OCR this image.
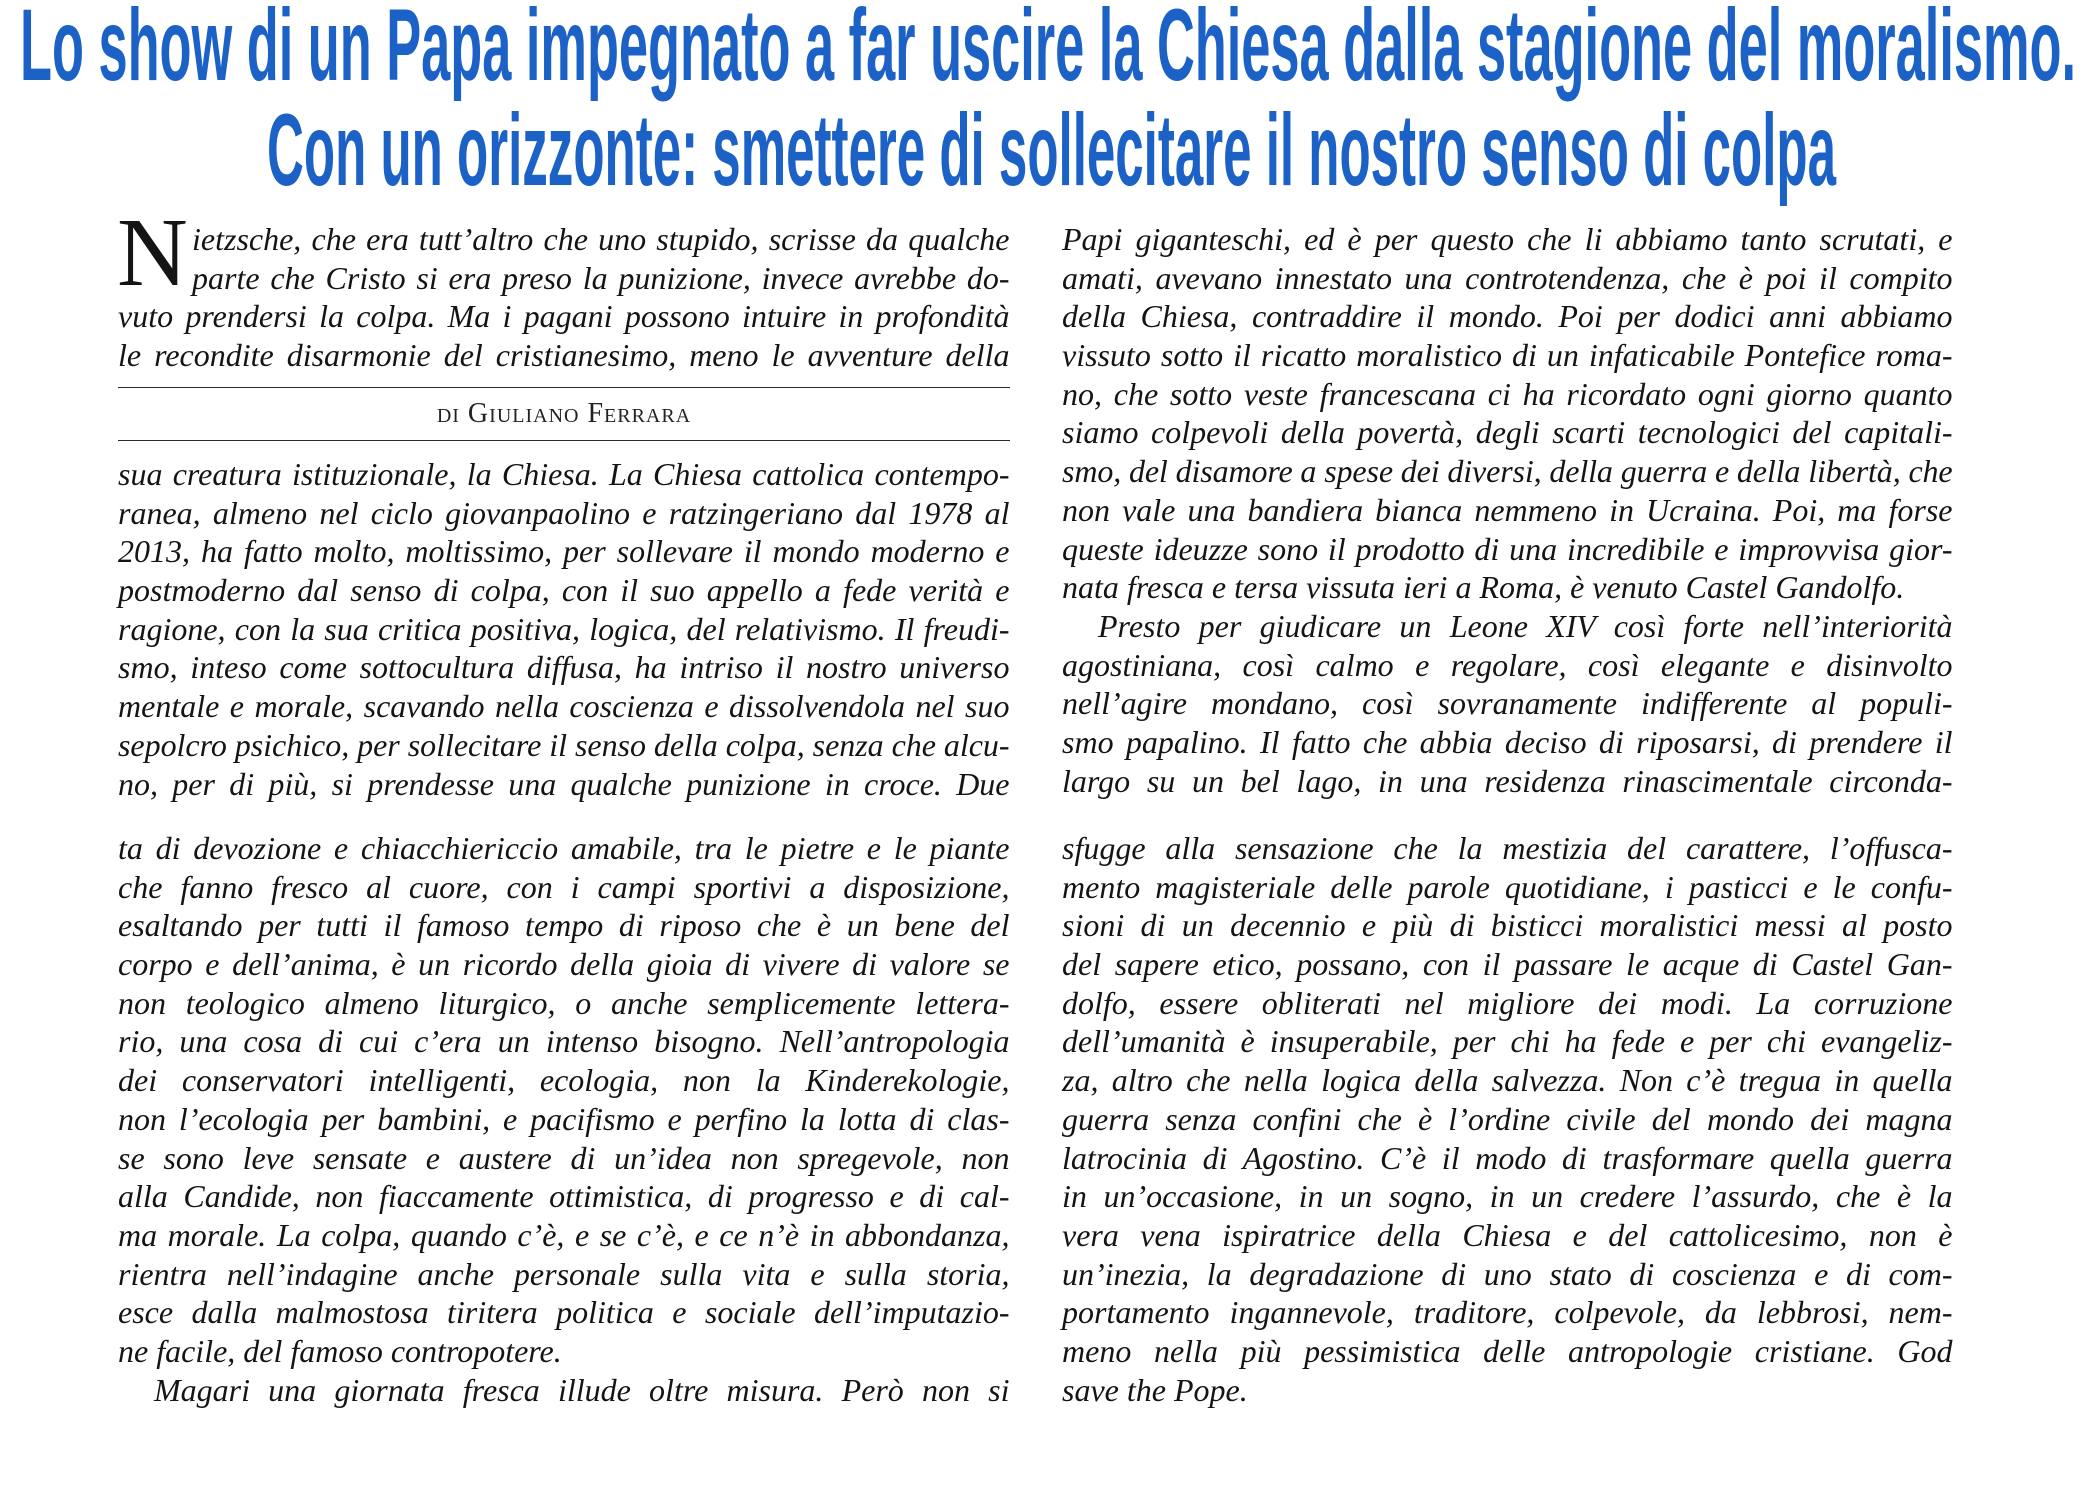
Lo show di un Papa impegnato a far uscire la Chiesa dalla stagione del moralismo.
Con un orizzonte: smettere di sollecitare il nostro senso di colpa
N ietzsche, che era tutt’altro che uno stupido, scrisse da qualche
parte che Cristo si era preso la punizione, invece avrebbe do-
vuto prendersi la colpa. Ma i pagani possono intuire in profondità
le recondite disarmonie del cristianesimo, meno le avventure della
di Giuliano Ferrara
sua creatura istituzionale, la Chiesa. La Chiesa cattolica contempo-
ranea, almeno nel ciclo giovanpaolino e ratzingeriano dal 1978 al
2013, ha fatto molto, moltissimo, per sollevare il mondo moderno e
postmoderno dal senso di colpa, con il suo appello a fede verità e
ragione, con la sua critica positiva, logica, del relativismo. Il freudi-
smo, inteso come sottocultura diffusa, ha intriso il nostro universo
mentale e morale, scavando nella coscienza e dissolvendola nel suo
sepolcro psichico, per sollecitare il senso della colpa, senza che alcu-
no, per di più, si prendesse una qualche punizione in croce. Due
Papi giganteschi, ed è per questo che li abbiamo tanto scrutati, e
amati, avevano innestato una controtendenza, che è poi il compito
della Chiesa, contraddire il mondo. Poi per dodici anni abbiamo
vissuto sotto il ricatto moralistico di un infaticabile Pontefice roma-
no, che sotto veste francescana ci ha ricordato ogni giorno quanto
siamo colpevoli della povertà, degli scarti tecnologici del capitali-
smo, del disamore a spese dei diversi, della guerra e della libertà, che
non vale una bandiera bianca nemmeno in Ucraina. Poi, ma forse
queste ideuzze sono il prodotto di una incredibile e improvvisa gior-
nata fresca e tersa vissuta ieri a Roma, è venuto Castel Gandolfo.
Presto per giudicare un Leone XIV così forte nell’interiorità
agostiniana, così calmo e regolare, così elegante e disinvolto
nell’agire mondano, così sovranamente indifferente al populi-
smo papalino. Il fatto che abbia deciso di riposarsi, di prendere il
largo su un bel lago, in una residenza rinascimentale circonda-
ta di devozione e chiacchiericcio amabile, tra le pietre e le piante
che fanno fresco al cuore, con i campi sportivi a disposizione,
esaltando per tutti il famoso tempo di riposo che è un bene del
corpo e dell’anima, è un ricordo della gioia di vivere di valore se
non teologico almeno liturgico, o anche semplicemente lettera-
rio, una cosa di cui c’era un intenso bisogno. Nell’antropologia
dei conservatori intelligenti, ecologia, non la Kinderekologie,
non l’ecologia per bambini, e pacifismo e perfino la lotta di clas-
se sono leve sensate e austere di un’idea non spregevole, non
alla Candide, non fiaccamente ottimistica, di progresso e di cal-
ma morale. La colpa, quando c’è, e se c’è, e ce n’è in abbondanza,
rientra nell’indagine anche personale sulla vita e sulla storia,
esce dalla malmostosa tiritera politica e sociale dell’imputazio-
ne facile, del famoso contropotere.
Magari una giornata fresca illude oltre misura. Però non si
sfugge alla sensazione che la mestizia del carattere, l’offusca-
mento magisteriale delle parole quotidiane, i pasticci e le confu-
sioni di un decennio e più di bisticci moralistici messi al posto
del sapere etico, possano, con il passare le acque di Castel Gan-
dolfo, essere obliterati nel migliore dei modi. La corruzione
dell’umanità è insuperabile, per chi ha fede e per chi evangeliz-
za, altro che nella logica della salvezza. Non c’è tregua in quella
guerra senza confini che è l’ordine civile del mondo dei magna
latrocinia di Agostino. C’è il modo di trasformare quella guerra
in un’occasione, in un sogno, in un credere l’assurdo, che è la
vera vena ispiratrice della Chiesa e del cattolicesimo, non è
un’inezia, la degradazione di uno stato di coscienza e di com-
portamento ingannevole, traditore, colpevole, da lebbrosi, nem-
meno nella più pessimistica delle antropologie cristiane. God
save the Pope.
